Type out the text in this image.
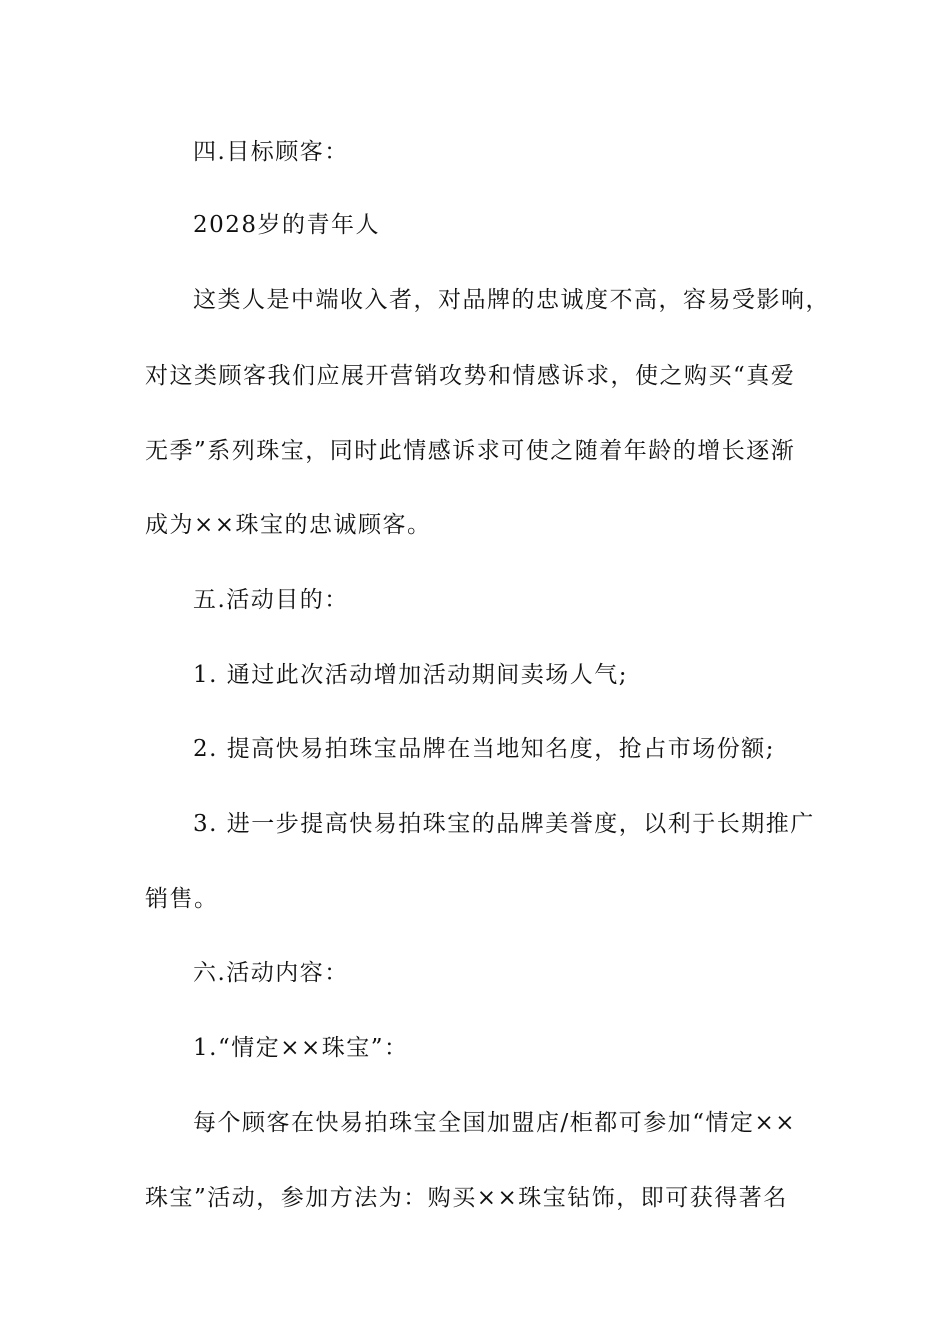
四.目标顾客：
2028岁的青年人
这类人是中端收入者，对品牌的忠诚度不高，容易受影响，
对这类顾客我们应展开营销攻势和情感诉求，使之购买“真爱
无季”系列珠宝，同时此情感诉求可使之随着年龄的增长逐渐
成为××珠宝的忠诚顾客。
五.活动目的：
1. 通过此次活动增加活动期间卖场人气;
2. 提高快易拍珠宝品牌在当地知名度，抢占市场份额;
3. 进一步提高快易拍珠宝的品牌美誉度，以利于长期推广
销售。
六.活动内容：
1.“情定××珠宝”：
每个顾客在快易拍珠宝全国加盟店/柜都可参加“情定××
珠宝”活动，参加方法为：购买××珠宝钻饰，即可获得著名
